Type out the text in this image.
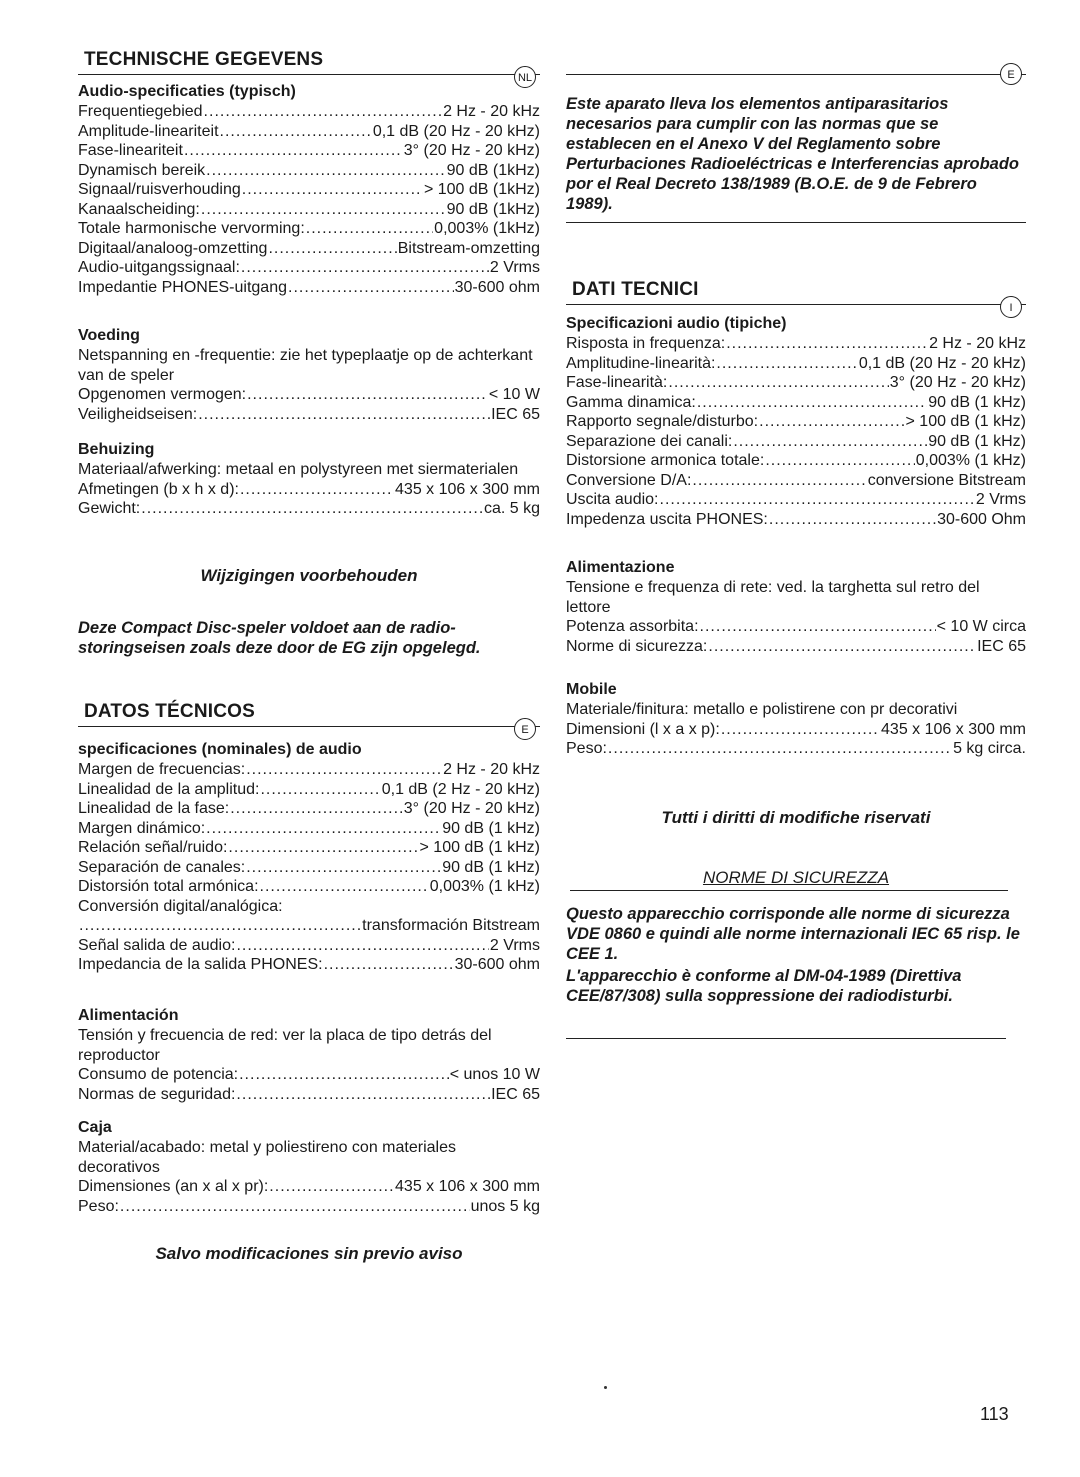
TECHNISCHE GEGEVENS
NL

Audio-specificaties (typisch)

Frequentiegebied .....	2 Hz - 20 kHz
Amplitude-lineariteit .....	0,1 dB (20 Hz - 20 kHz)
Fase-lineariteit .....	3° (20 Hz - 20 kHz)
Dynamisch bereik .....	90 dB (1kHz)
Signaal/ruisverhouding .....	> 100 dB (1kHz)
Kanaalscheiding: .....	90 dB (1kHz)
Totale harmonische vervorming: .....	0,003% (1kHz)
Digitaal/analoog-omzetting .....	Bitstream-omzetting
Audio-uitgangssignaal: .....	2 Vrms
Impedantie PHONES-uitgang .....	30-600 ohm

Voeding

Netspanning en -frequentie: zie het typeplaatje op de achterkant van de speler

Opgenomen vermogen: .....	< 10 W
Veiligheidseisen: .....	IEC 65

Behuizing

Materiaal/afwerking: metaal en polystyreen met siermaterialen

Afmetingen (b x h x d): .....	435 x 106 x 300 mm
Gewicht: .....	ca. 5 kg
Wijzigingen voorbehouden

Deze Compact Disc-speler voldoet aan de radio-storingseisen zoals deze door de EG zijn opgelegd.

DATOS TÉCNICOS
E

specificaciones (nominales) de audio

Margen de frecuencias: .....	2 Hz - 20 kHz
Linealidad de la amplitud: .....	0,1 dB (2 Hz - 20 kHz)
Linealidad de la fase: .....	3° (20 Hz - 20 kHz)
Margen dinámico: .....	90 dB (1 kHz)
Relación señal/ruido: .....	> 100 dB (1 kHz)
Separación de canales: .....	90 dB (1 kHz)
Distorsión total armónica: .....	0,003% (1 kHz)

Conversión digital/analógica:

.....
transformación Bitstream
Señal salida de audio: .....	2 Vrms
Impedancia de la salida PHONES: .....	30-600 ohm

Alimentación

Tensión y frecuencia de red: ver la placa de tipo detrás del reproductor

Consumo de potencia: .....	< unos 10 W
Normas de seguridad: .....	IEC 65

Caja

Material/acabado: metal y poliestireno con materiales decorativos

Dimensiones (an x al x pr): .....	435 x 106 x 300 mm
Peso: .....	unos 5 kg
Salvo modificaciones sin previo aviso
E

Este aparato lleva los elementos antiparasitarios necesarios para cumplir con las normas que se establecen en el Anexo V del Reglamento sobre Perturbaciones Radioeléctricas e Interferencias aprobado por el Real Decreto 138/1989 (B.O.E. de 9 de Febrero 1989).

DATI TECNICI
I

Specificazioni audio (tipiche)

Risposta in frequenza: .....	2 Hz - 20 kHz
Amplitudine-linearità: .....	0,1 dB (20 Hz - 20 kHz)
Fase-linearità: .....	3° (20 Hz - 20 kHz)
Gamma dinamica: .....	90 dB (1 kHz)
Rapporto segnale/disturbo: .....	> 100 dB (1 kHz)
Separazione dei canali: .....	90 dB (1 kHz)
Distorsione armonica totale: .....	0,003% (1 kHz)
Conversione D/A: .....	conversione Bitstream
Uscita audio: .....	2 Vrms
Impedenza uscita PHONES: .....	30-600 Ohm

Alimentazione

Tensione e frequenza di rete: ved. la targhetta sul retro del lettore

Potenza assorbita: .....	< 10 W circa
Norme di sicurezza: .....	IEC 65

Mobile

Materiale/finitura: metallo e polistirene con pr decorativi

Dimensioni (l x a x p): .....	435 x 106 x 300 mm
Peso: .....	5 kg circa.
Tutti i diritti di modifiche riservati
NORME DI SICUREZZA

Questo apparecchio corrisponde alle norme di sicurezza VDE 0860 e quindi alle norme internazionali IEC 65 risp. le CEE 1.

L'apparecchio è conforme al DM-04-1989 (Direttiva CEE/87/308) sulla soppressione dei radiodisturbi.

113
